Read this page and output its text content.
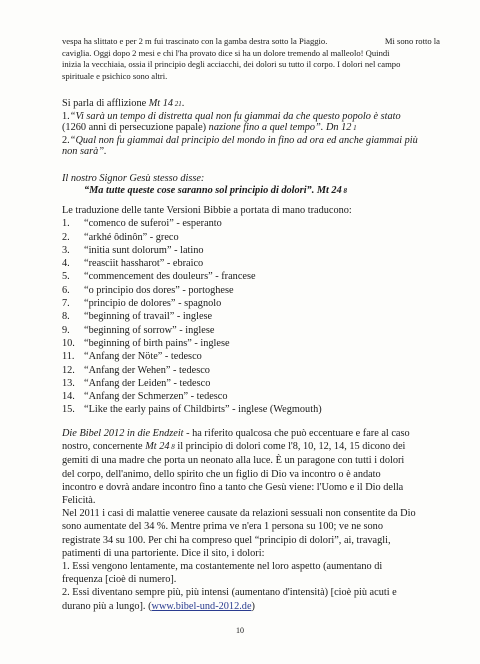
vespa ha slittato e per 2 m fui trascinato con la gamba destra sotto la Piaggio.	Mi sono rotto la
caviglia. Oggi dopo 2 mesi e chi l'ha provato dice si ha un dolore tremendo al malleolo! Quindi
inizia la vecchiaia, ossia il principio degli acciacchi, dei dolori su tutto il corpo. I dolori nel campo
spirituale e psichico sono altri.

Si parla di afflizione Mt 14 21.

1.“Vi sarà un tempo di distretta qual non fu giammai da che questo popolo è stato

(1260 anni di persecuzione papale) nazione fino a quel tempo”. Dn 12 1

2.“Qual non fu giammai dal principio del mondo in fino ad ora ed anche giammai più

non sarà”.

Il nostro Signor Gesù stesso disse:

“Ma tutte queste cose saranno sol principio di dolori”. Mt 24 8

Le traduzione delle tante Versioni Bibbie a portata di mano traducono:
1.	“comenco de suferoi” - esperanto
2.	“arkhé ôdinôn” - greco
3.	“initia sunt dolorum” - latino
4.	“reasciit hassharot” - ebraico
5.	“commencement des douleurs” - francese
6.	“o principio dos dores” - portoghese
7.	“principio de dolores” - spagnolo
8.	“beginning of travail” - inglese
9.	“beginning of sorrow” - inglese
10. “beginning of birth pains” - inglese
11. “Anfang der Nöte” - tedesco
12. “Anfang der Wehen” - tedesco
13. “Anfang der Leiden” - tedesco
14. “Anfang der Schmerzen” - tedesco
15. “Like the early pains of Childbirts” - inglese (Wegmouth)

Die Bibel 2012 in die Endzeit - ha riferito qualcosa che può eccentuare e fare al caso
nostro, concernente Mt 24 8 il principio di dolori come l'8, 10, 12, 14, 15 dicono dei
gemiti di una madre che porta un neonato alla luce. È un paragone con tutti i dolori
del corpo, dell'animo, dello spirito che un figlio di Dio va incontro o è andato
incontro e dovrà andare incontro fino a tanto che Gesù viene: l'Uomo e il Dio della
Felicità.

Nel 2011 i casi di malattie veneree causate da relazioni sessuali non consentite da Dio
sono aumentate del 34 %. Mentre prima ve n'era 1 persona su 100; ve ne sono
registrate 34 su 100. Per chi ha compreso quel “principio di dolori”, ai, travagli,
patimenti di una partoriente. Dice il sito, i dolori:

1. Essi vengono lentamente, ma costantemente nel loro aspetto (aumentano di
frequenza [cioè di numero].

2. Essi diventano sempre più, più intensi (aumentano d'intensità) [cioè più acuti e
durano più a lungo]. (www.bibel-und-2012.de)

10
